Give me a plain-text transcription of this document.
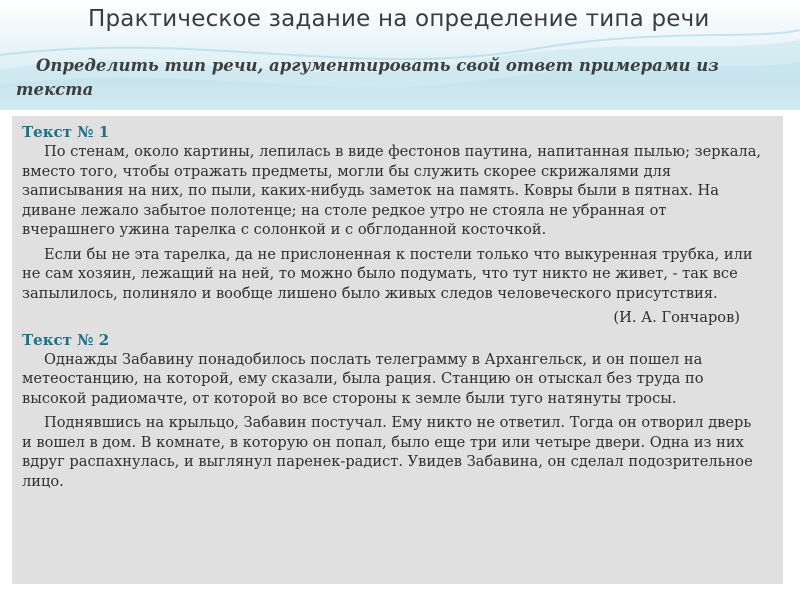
Практическое задание на определение типа речи
Определить тип речи, аргументировать свой ответ примерами из текста
Текст № 1

По стенам, около картины, лепилась в виде фестонов паутина, напитанная пылью; зеркала, вместо того, чтобы отражать предметы, могли бы служить скорее скрижалями для записывания на них, по пыли, каких-нибудь заметок на память. Ковры были в пятнах. На диване лежало забытое полотенце; на столе редкое утро не стояла не убранная от вчерашнего ужина тарелка с солонкой и с обглоданной косточкой.

Если бы не эта тарелка, да не прислоненная к постели только что выкуренная трубка, или не сам хозяин, лежащий на ней, то можно было подумать, что тут никто не живет, - так все запылилось, полиняло и вообще лишено было живых следов человеческого присутствия.

(И. А. Гончаров)

Текст № 2

Однажды Забавину понадобилось послать телеграмму в Архангельск, и он пошел на метеостанцию, на которой, ему сказали, была рация. Станцию он отыскал без труда по высокой радиомачте, от которой во все стороны к земле были туго натянуты тросы.

Поднявшись на крыльцо, Забавин постучал. Ему никто не ответил. Тогда он отворил дверь и вошел в дом. В комнате, в которую он попал, было еще три или четыре двери. Одна из них вдруг распахнулась, и выглянул паренек-радист. Увидев Забавина, он сделал подозрительное лицо.
